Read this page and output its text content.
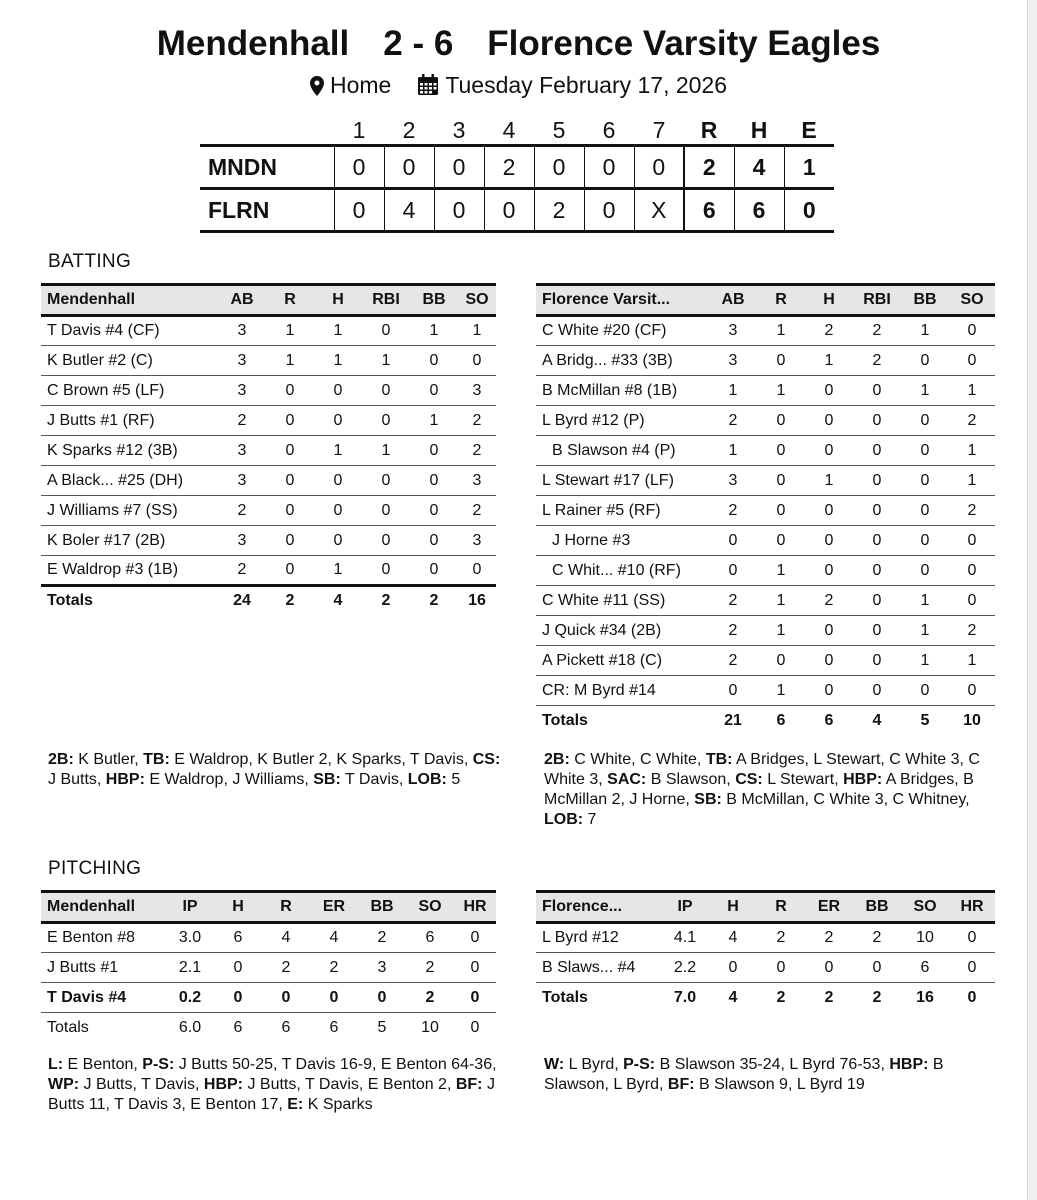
Mendenhall 2 - 6 Florence Varsity Eagles
Home Tuesday February 17, 2026
	1	2	3	4	5	6	7	R	H	E
MNDN	0	0	0	2	0	0	0	2	4	1
FLRN	0	4	0	0	2	0	X	6	6	0
BATTING
Mendenhall	AB	R	H	RBI	BB	SO
T Davis #4 (CF)	3	1	1	0	1	1
K Butler #2 (C)	3	1	1	1	0	0
C Brown #5 (LF)	3	0	0	0	0	3
J Butts #1 (RF)	2	0	0	0	1	2
K Sparks #12 (3B)	3	0	1	1	0	2
A Black... #25 (DH)	3	0	0	0	0	3
J Williams #7 (SS)	2	0	0	0	0	2
K Boler #17 (2B)	3	0	0	0	0	3
E Waldrop #3 (1B)	2	0	1	0	0	0
Totals	24	2	4	2	2	16
Florence Varsit...	AB	R	H	RBI	BB	SO
C White #20 (CF)	3	1	2	2	1	0
A Bridg... #33 (3B)	3	0	1	2	0	0
B McMillan #8 (1B)	1	1	0	0	1	1
L Byrd #12 (P)	2	0	0	0	0	2
B Slawson #4 (P)	1	0	0	0	0	1
L Stewart #17 (LF)	3	0	1	0	0	1
L Rainer #5 (RF)	2	0	0	0	0	2
J Horne #3	0	0	0	0	0	0
C Whit... #10 (RF)	0	1	0	0	0	0
C White #11 (SS)	2	1	2	0	1	0
J Quick #34 (2B)	2	1	0	0	1	2
A Pickett #18 (C)	2	0	0	0	1	1
CR: M Byrd #14	0	1	0	0	0	0
Totals	21	6	6	4	5	10
2B: K Butler, TB: E Waldrop, K Butler 2, K Sparks, T Davis, CS: J Butts, HBP: E Waldrop, J Williams, SB: T Davis, LOB: 5
2B: C White, C White, TB: A Bridges, L Stewart, C White 3, C White 3, SAC: B Slawson, CS: L Stewart, HBP: A Bridges, B McMillan 2, J Horne, SB: B McMillan, C White 3, C Whitney, LOB: 7
PITCHING
Mendenhall	IP	H	R	ER	BB	SO	HR
E Benton #8	3.0	6	4	4	2	6	0
J Butts #1	2.1	0	2	2	3	2	0
T Davis #4	0.2	0	0	0	0	2	0
Totals	6.0	6	6	6	5	10	0
Florence...	IP	H	R	ER	BB	SO	HR
L Byrd #12	4.1	4	2	2	2	10	0
B Slaws... #4	2.2	0	0	0	0	6	0
Totals	7.0	4	2	2	2	16	0
L: E Benton, P-S: J Butts 50-25, T Davis 16-9, E Benton 64-36, WP: J Butts, T Davis, HBP: J Butts, T Davis, E Benton 2, BF: J Butts 11, T Davis 3, E Benton 17, E: K Sparks
W: L Byrd, P-S: B Slawson 35-24, L Byrd 76-53, HBP: B Slawson, L Byrd, BF: B Slawson 9, L Byrd 19
